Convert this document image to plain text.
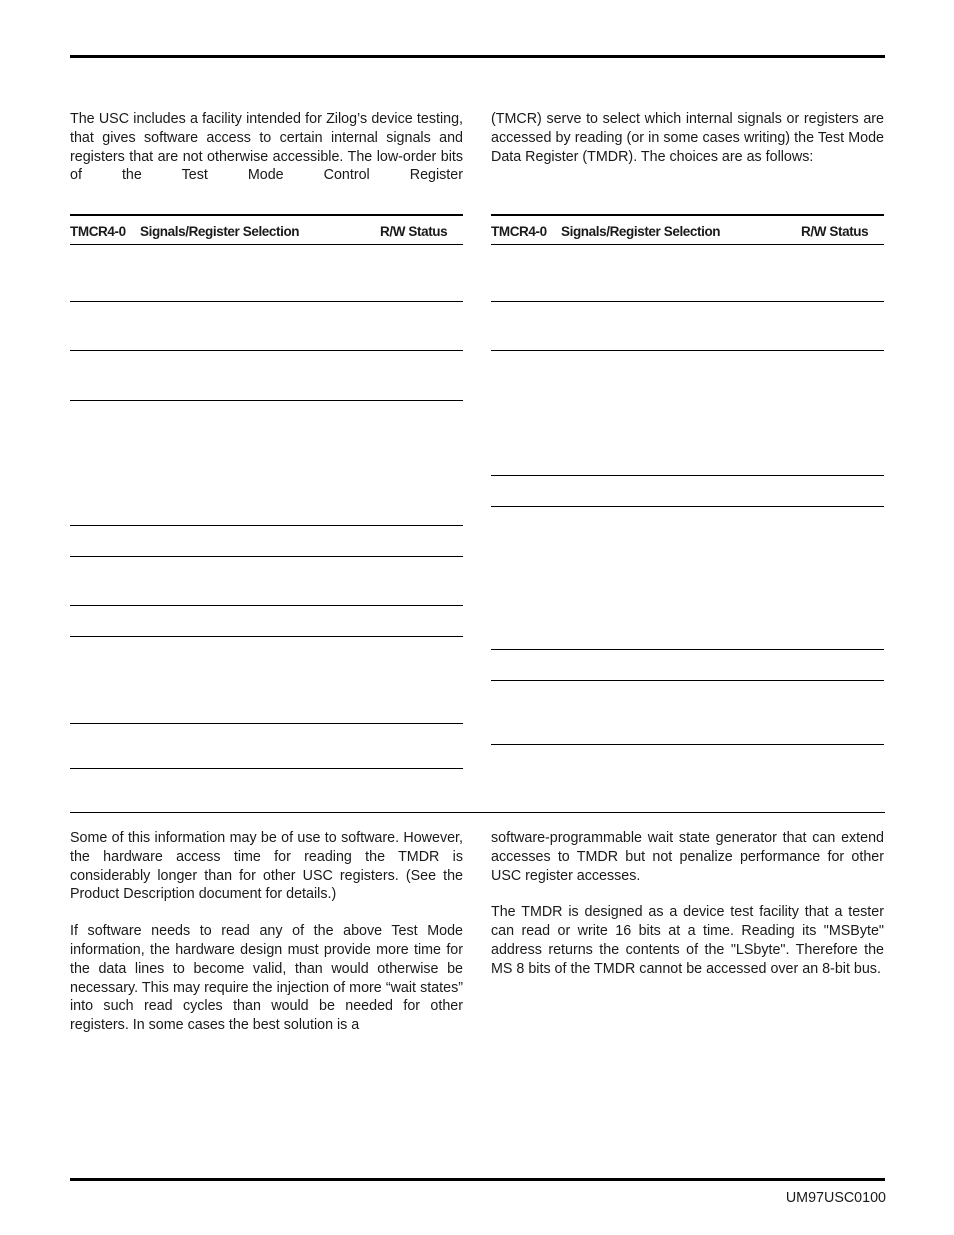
The USC includes a facility intended for Zilog’s device testing, that gives software access to certain internal signals and registers that are not otherwise accessible. The low-order bits of the Test Mode Control Register

(TMCR) serve to select which internal signals or registers are accessed by reading (or in some cases writing) the Test Mode Data Register (TMDR). The choices are as follows:

TMCR4-0 Signals/Register Selection	R/W Status	TMCR4-0 Signals/Register Selection	R/W Status

Some of this information may be of use to software. However, the hardware access time for reading the TMDR is considerably longer than for other USC registers. (See the Product Description document for details.)

If software needs to read any of the above Test Mode information, the hardware design must provide more time for the data lines to become valid, than would otherwise be necessary. This may require the injection of more “wait states” into such read cycles than would be needed for other registers. In some cases the best solution is a

software-programmable wait state generator that can extend accesses to TMDR but not penalize performance for other USC register accesses.

The TMDR is designed as a device test facility that a tester can read or write 16 bits at a time. Reading its "MSByte" address returns the contents of the "LSbyte". Therefore the MS 8 bits of the TMDR cannot be accessed over an 8-bit bus.

UM97USC0100
